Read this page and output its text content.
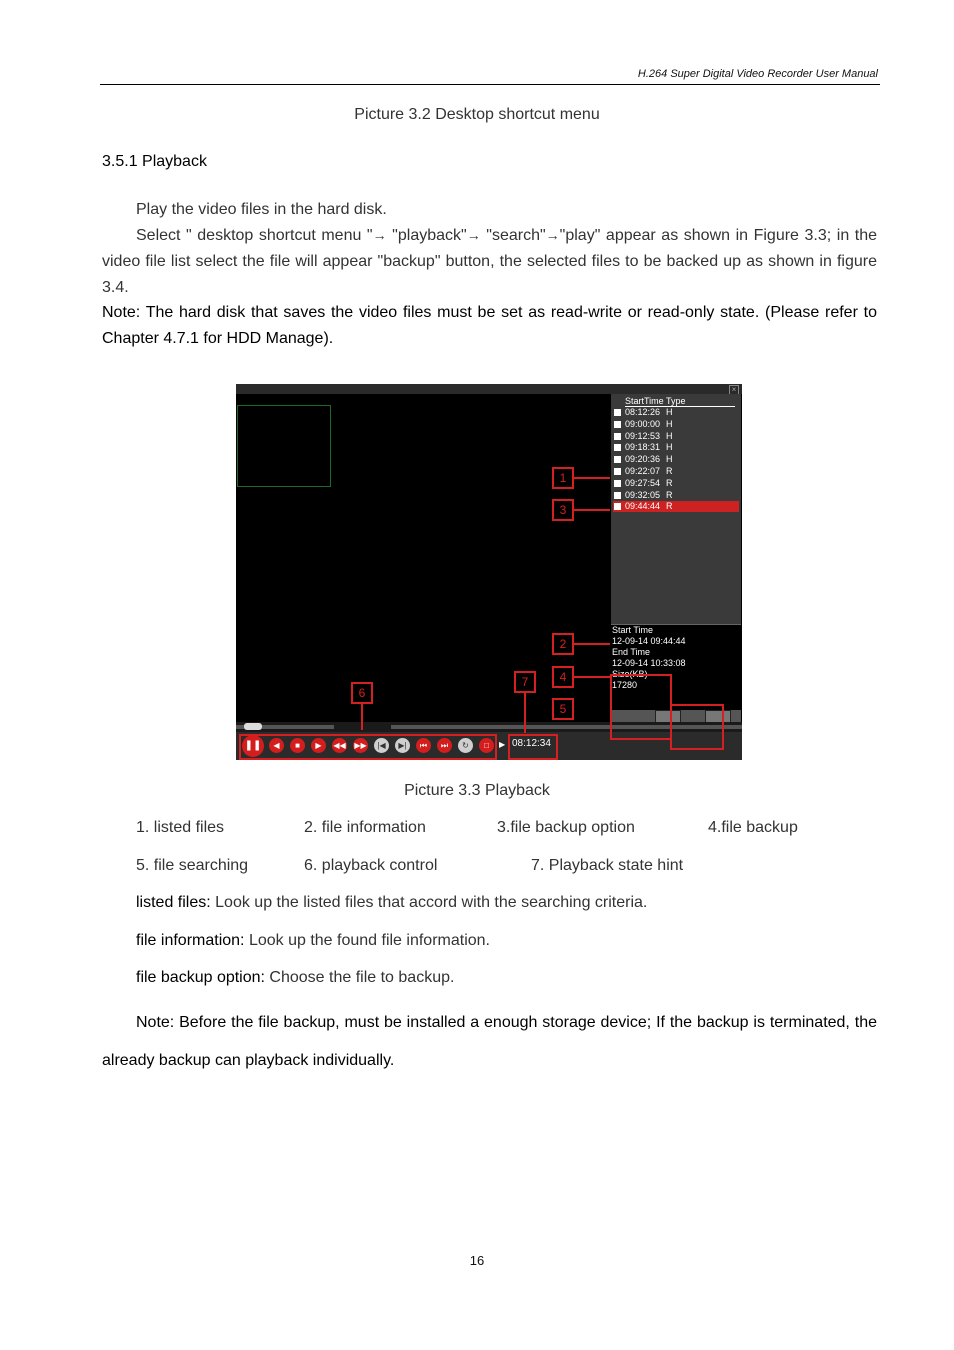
H.264 Super Digital Video Recorder User Manual
Picture 3.2 Desktop shortcut menu
3.5.1 Playback
Play the video files in the hard disk.
Select " desktop shortcut menu "→ "playback"→ "search"→"play" appear as shown in Figure 3.3; in the video file list select the file will appear "backup" button, the selected files to be backed up as shown in figure 3.4.
Note: The hard disk that saves the video files must be set as read-write or read-only state. (Please refer to Chapter 4.7.1 for HDD Manage).
×
StartTime Type
08:12:26 H
09:00:00 H
09:12:53 H
09:18:31 H
09:20:36 H
09:22:07 R
09:27:54 R
09:32:05 R
09:44:44 R
Start Time
12-09-14 09:44:44
End Time
12-09-14 10:33:08
Size(KB)
17280
❚❚	◀	■	▶	◀◀ ▶▶	|◀	▶|	⏮	⏭	↻	□	▶ 08:12:34
1
3
2
4
5
6
7
Picture 3.3 Playback
1. listed files	2. file information	3.file backup option	4.file backup
5. file searching	6. playback control	7. Playback state hint
listed files: Look up the listed files that accord with the searching criteria.
file information: Look up the found file information.
file backup option: Choose the file to backup.
Note: Before the file backup, must be installed a enough storage device; If the backup is terminated, the already backup can playback individually.
16
